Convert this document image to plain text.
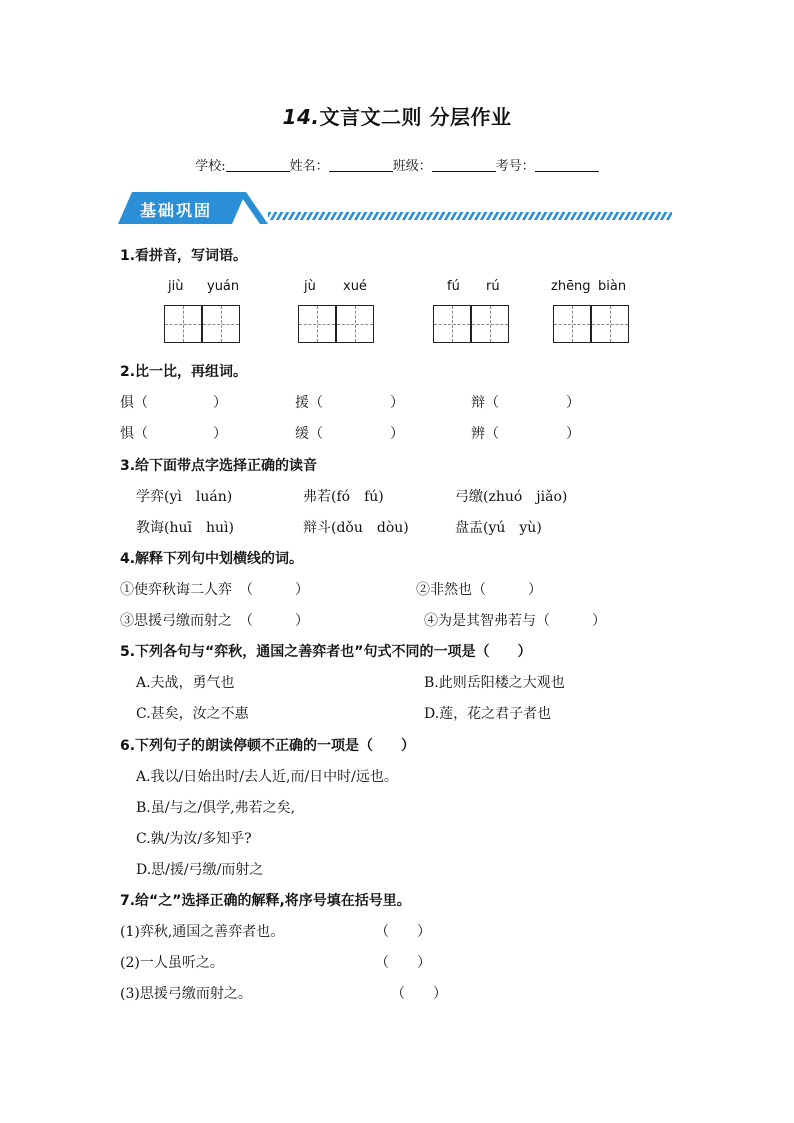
14.文言文二则 分层作业
学校:	姓名：	班级：	考号：
基础巩固
1.看拼音，写词语。
jiù yuán	jù xué	fú rú	zhēng biàn
2.比一比，再组词。
俱（	）	援（	）	辩（	）
惧（	）	缓（	）	辨（	）
3.给下面带点字选择正确的读音
学弈(yì　luán)	弗若(fó　fú)	弓缴(zhuó　jiǎo)
教诲(huī　huì)	辩斗(dǒu　dòu)	盘盂(yú　yù)
4.解释下列句中划横线的词。
①使弈秋诲二人弈　（　　　）	②非然也（　　　）
③思援弓缴而射之　（　　　）	④为是其智弗若与（　　　）
5.下列各句与“弈秋，通国之善弈者也”句式不同的一项是（　　）
A.夫战，勇气也	B.此则岳阳楼之大观也
C.甚矣，汝之不惠	D.莲，花之君子者也
6.下列句子的朗读停顿不正确的一项是（　　）
A.我以/日始出时/去人近,而/日中时/远也。
B.虽/与之/俱学,弗若之矣,
C.孰/为汝/多知乎?
D.思/援/弓缴/而射之
7.给“之”选择正确的解释,将序号填在括号里。
(1)弈秋,通国之善弈者也。	（　　）
(2)一人虽听之。	（　　）
(3)思援弓缴而射之。	（　　）
